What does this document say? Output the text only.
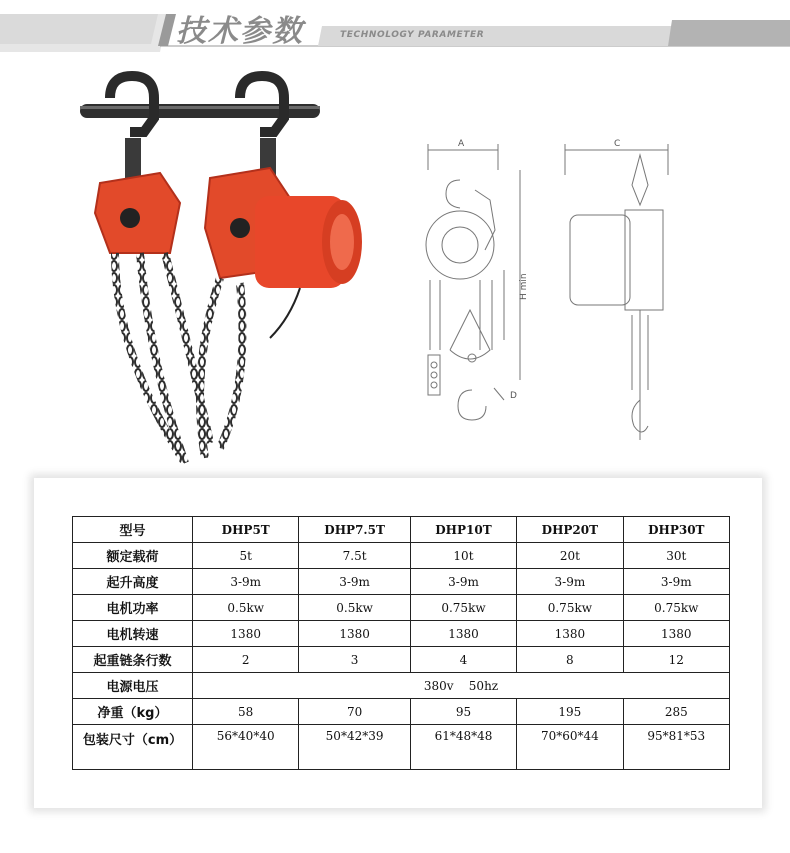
技术参数	TECHNOLOGY PARAMETER
A	C
H min
D
型号	DHP5T	DHP7.5T	DHP10T	DHP20T	DHP30T
额定载荷	5t	7.5t	10t	20t	30t
起升高度	3-9m	3-9m	3-9m	3-9m	3-9m
电机功率	0.5kw	0.5kw	0.75kw	0.75kw	0.75kw
电机转速	1380	1380	1380	1380	1380
起重链条行数	2	3	4	8	12
电源电压	380v    50hz				
净重（kg）	58	70	95	195	285
包装尺寸（cm）	56*40*40	50*42*39	61*48*48	70*60*44	95*81*53
